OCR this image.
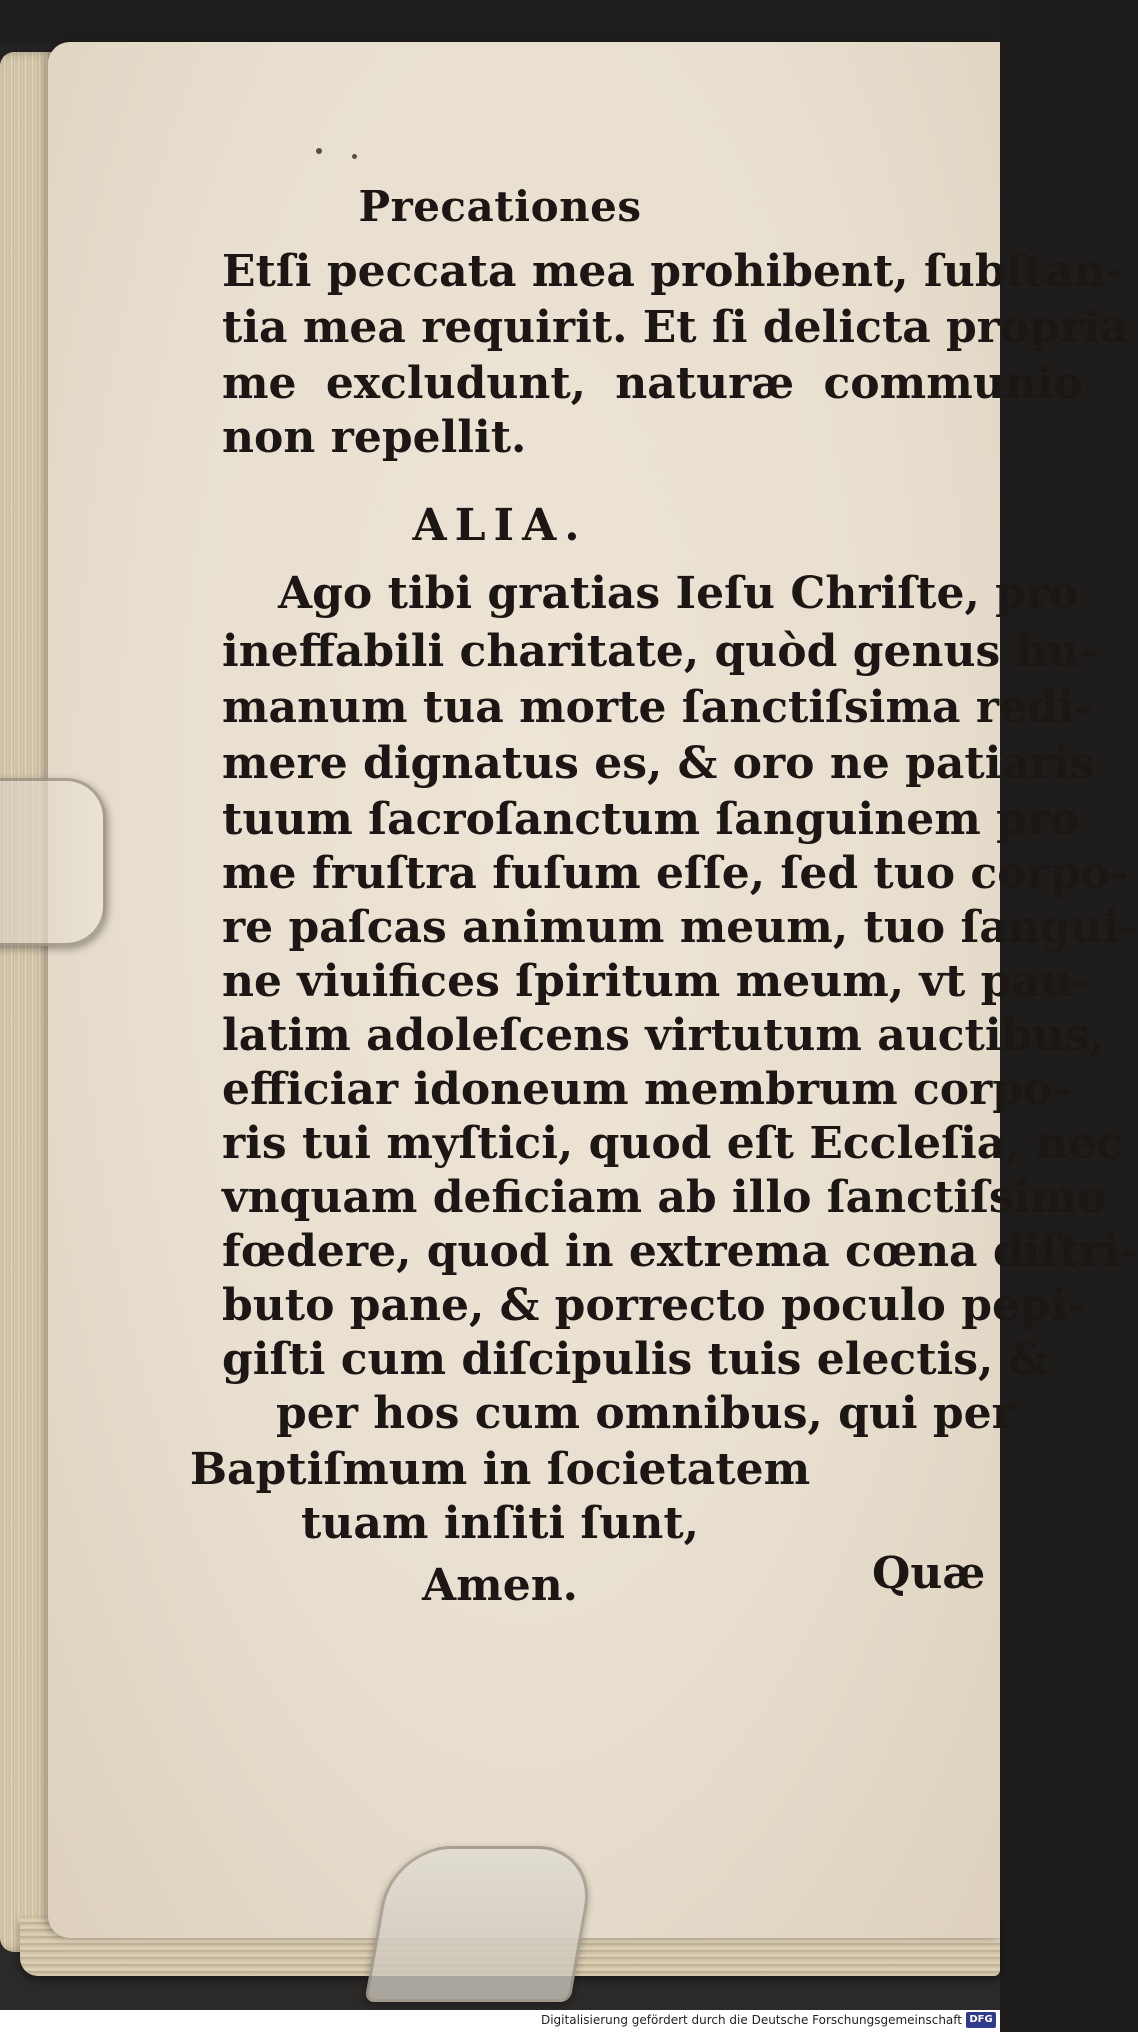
Precationes
Etſi peccata mea prohibent, ſubſtan-
tia mea requirit. Et ſi delicta propria
me excludunt, naturæ communio
non repellit.
ALIA.
Ago tibi gratias Ieſu Chriſte, pro
ineffabili charitate, quòd genus hu-
manum tua morte ſanctiſsima redi-
mere dignatus es, & oro ne patiaris
tuum ſacroſanctum ſanguinem pro
me fruſtra fuſum eſſe, ſed tuo corpo-
re paſcas animum meum, tuo ſangui-
ne viuifices ſpiritum meum, vt pau-
latim adoleſcens virtutum auctibus,
efficiar idoneum membrum corpo-
ris tui myſtici, quod eſt Eccleſia, nec
vnquam deficiam ab illo ſanctiſsimo
fœdere, quod in extrema cœna diſtri-
buto pane, & porrecto poculo pepi-
giſti cum diſcipulis tuis electis, &
per hos cum omnibus, qui per
Baptiſmum in ſocietatem
tuam inſiti ſunt,
Amen.	Quæ
Digitalisierung gefördert durch die Deutsche Forschungsgemeinschaft DFG
